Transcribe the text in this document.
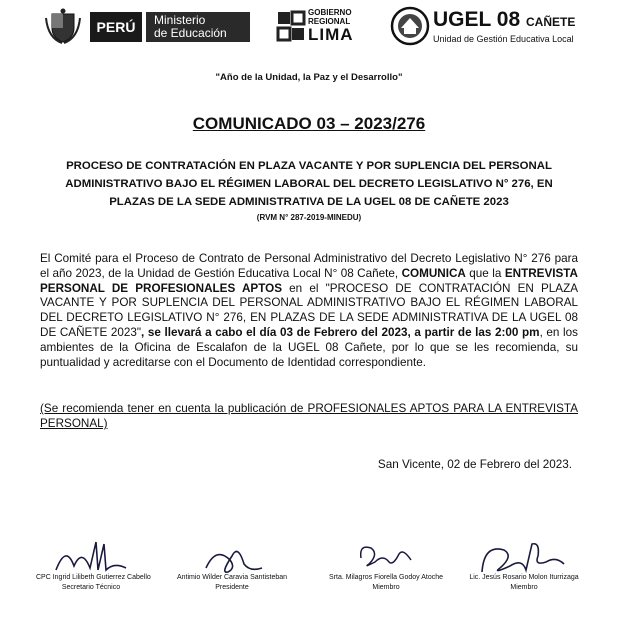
PERÚ	Ministerio
de Educación
GOBIERNO
REGIONAL
LIMA
UGEL 08 CAÑETE
Unidad de Gestión Educativa Local
"Año de la Unidad, la Paz y el Desarrollo"
COMUNICADO 03 – 2023/276
PROCESO DE CONTRATACIÓN EN PLAZA VACANTE Y POR SUPLENCIA DEL PERSONAL
ADMINISTRATIVO BAJO EL RÉGIMEN LABORAL DEL DECRETO LEGISLATIVO N° 276, EN
PLAZAS DE LA SEDE ADMINISTRATIVA DE LA UGEL 08 DE CAÑETE 2023
(RVM N° 287-2019-MINEDU)
El Comité para el Proceso de Contrato de Personal Administrativo del Decreto Legislativo N° 276 para el año 2023, de la Unidad de Gestión Educativa Local N° 08 Cañete, COMUNICA que la ENTREVISTA PERSONAL DE PROFESIONALES APTOS en el "PROCESO DE CONTRATACIÓN EN PLAZA VACANTE Y POR SUPLENCIA DEL PERSONAL ADMINISTRATIVO BAJO EL RÉGIMEN LABORAL DEL DECRETO LEGISLATIVO N° 276, EN PLAZAS DE LA SEDE ADMINISTRATIVA DE LA UGEL 08 DE CAÑETE 2023", se llevará a cabo el día 03 de Febrero del 2023, a partir de las 2:00 pm, en los ambientes de la Oficina de Escalafon de la UGEL 08 Cañete, por lo que se les recomienda, su puntualidad y acreditarse con el Documento de Identidad correspondiente.
(Se recomienda tener en cuenta la publicación de PROFESIONALES APTOS PARA LA ENTREVISTA PERSONAL)
San Vicente, 02 de Febrero del 2023.
CPC Ingrid Lilibeth Gutierrez Cabello
Secretario Técnico
Antimio Wilder Caravia Santisteban
Presidente
Srta. Milagros Fiorella Godoy Atoche
Miembro
Lic. Jesús Rosario Molon Iturrizaga
Miembro
